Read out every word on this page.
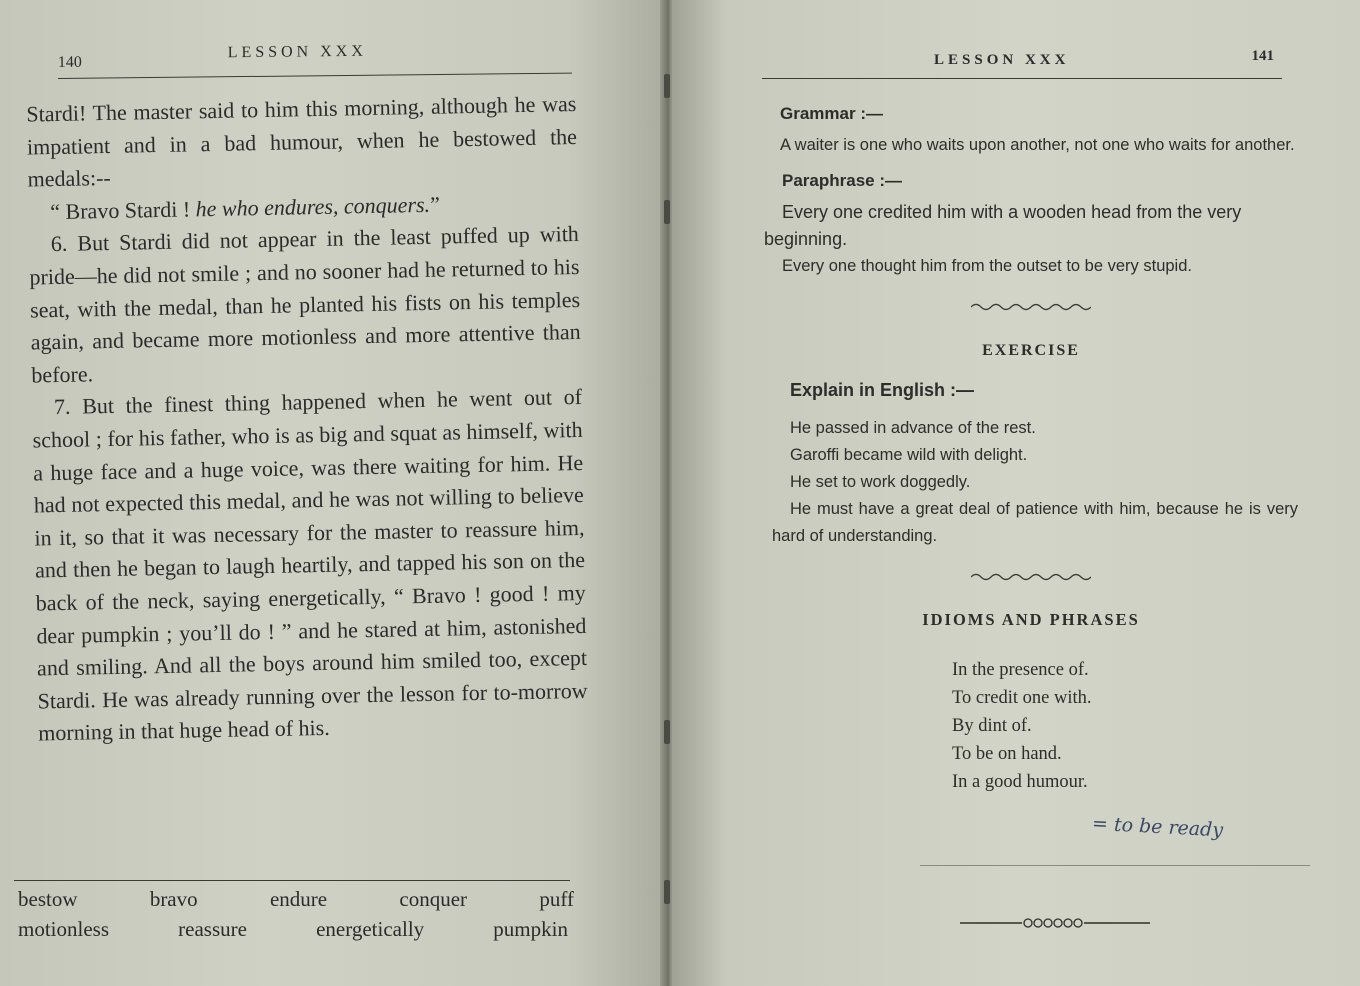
140
LESSON XXX

Stardi! The master said to him this morning, although he was impatient and in a bad humour, when he bestowed the medals:--

“ Bravo Stardi ! he who endures, conquers.”

6. But Stardi did not appear in the least puffed up with pride—he did not smile ; and no sooner had he returned to his seat, with the medal, than he planted his fists on his temples again, and became more motionless and more attentive than before.

7. But the finest thing happened when he went out of school ; for his father, who is as big and squat as himself, with a huge face and a huge voice, was there waiting for him. He had not expected this medal, and he was not willing to believe in it, so that it was necessary for the master to reassure him, and then he began to laugh heartily, and tapped his son on the back of the neck, saying energetically, “ Bravo ! good ! my dear pumpkin ; you’ll do ! ” and he stared at him, astonished and smiling. And all the boys around him smiled too, except Stardi. He was already running over the lesson for to-morrow morning in that huge head of his.

bestow	bravo	endure	conquer	puff
motionless	reassure	energetically	pumpkin
LESSON XXX	141

Grammar :—

A waiter is one who waits upon another, not one who waits for another.

Paraphrase :—

Every one credited him with a wooden head from the very beginning.

Every one thought him from the outset to be very stupid.

EXERCISE

Explain in English :—

He passed in advance of the rest.

Garoffi became wild with delight.

He set to work doggedly.

He must have a great deal of patience with him, because he is very hard of understanding.

IDIOMS AND PHRASES

In the presence of.
To credit one with.
By dint of.
To be on hand.
In a good humour.
= to be ready
